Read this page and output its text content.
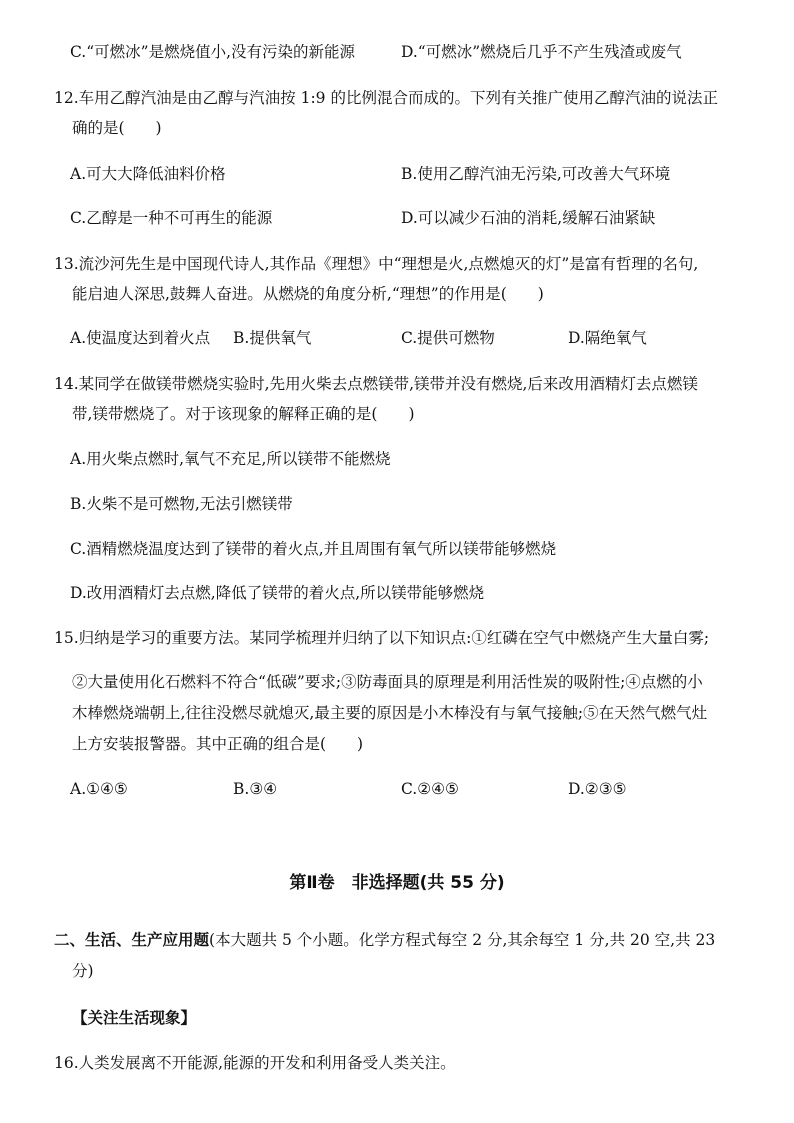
C.“可燃冰”是燃烧值小,没有污染的新能源	D.“可燃冰”燃烧后几乎不产生残渣或废气
12.车用乙醇汽油是由乙醇与汽油按 1:9 的比例混合而成的。下列有关推广使用乙醇汽油的说法正
确的是(　　)
A.可大大降低油料价格	B.使用乙醇汽油无污染,可改善大气环境
C.乙醇是一种不可再生的能源	D.可以减少石油的消耗,缓解石油紧缺
13.流沙河先生是中国现代诗人,其作品《理想》中“理想是火,点燃熄灭的灯”是富有哲理的名句,
能启迪人深思,鼓舞人奋进。从燃烧的角度分析,“理想”的作用是(　　)
A.使温度达到着火点 B.提供氧气	C.提供可燃物	D.隔绝氧气
14.某同学在做镁带燃烧实验时,先用火柴去点燃镁带,镁带并没有燃烧,后来改用酒精灯去点燃镁
带,镁带燃烧了。对于该现象的解释正确的是(　　)
A.用火柴点燃时,氧气不充足,所以镁带不能燃烧
B.火柴不是可燃物,无法引燃镁带
C.酒精燃烧温度达到了镁带的着火点,并且周围有氧气所以镁带能够燃烧
D.改用酒精灯去点燃,降低了镁带的着火点,所以镁带能够燃烧
15.归纳是学习的重要方法。某同学梳理并归纳了以下知识点:①红磷在空气中燃烧产生大量白雾;
②大量使用化石燃料不符合“低碳”要求;③防毒面具的原理是利用活性炭的吸附性;④点燃的小
木棒燃烧端朝上,往往没燃尽就熄灭,最主要的原因是小木棒没有与氧气接触;⑤在天然气燃气灶
上方安装报警器。其中正确的组合是(　　)
A.①④⑤	B.③④	C.②④⑤	D.②③⑤
第Ⅱ卷　非选择题(共 55 分)
二、生活、生产应用题(本大题共 5 个小题。化学方程式每空 2 分,其余每空 1 分,共 20 空,共 23
分)
【关注生活现象】
16.人类发展离不开能源,能源的开发和利用备受人类关注。
